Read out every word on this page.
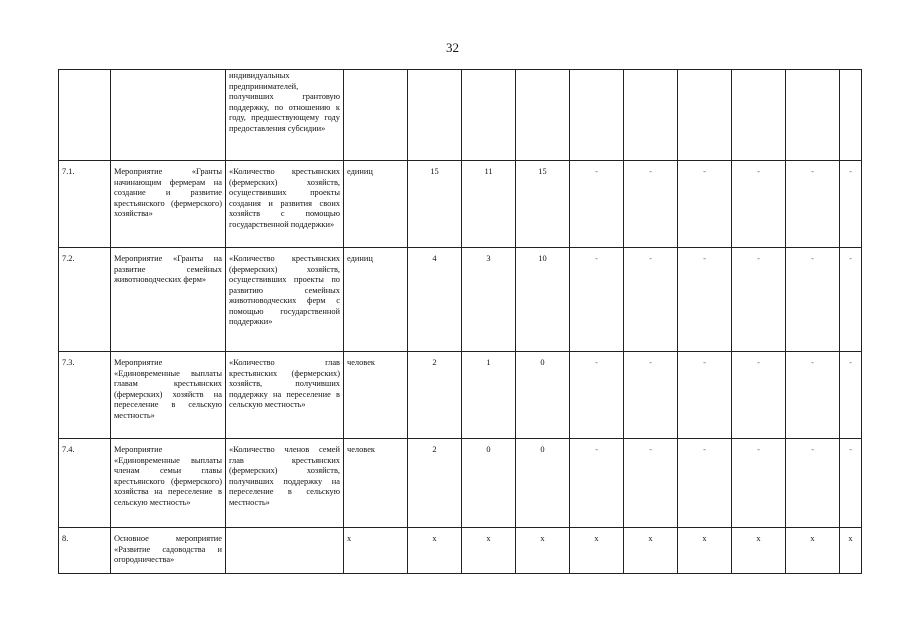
32
		индивидуальных предпринимателей, получивших грантовую поддержку, по отношению к году, предшествующему году предоставления субсидии»										
7.1.	Мероприятие «Гранты начинающим фермерам на создание и развитие крестьянского (фермерского) хозяйства»	«Количество крестьянских (фермерских) хозяйств, осуществивших проекты создания и развития своих хозяйств с помощью государственной поддержки»	единиц	15	11	15	-	-	-	-	-	-
7.2.	Мероприятие «Гранты на развитие семейных животноводческих ферм»	«Количество крестьянских (фермерских) хозяйств, осуществивших проекты по развитию семейных животноводческих ферм с помощью государственной поддержки»	единиц	4	3	10	-	-	-	-	-	-
7.3.	Мероприятие «Единовременные выплаты главам крестьянских (фермерских) хозяйств на переселение в сельскую местность»	«Количество глав крестьянских (фермерских) хозяйств, получивших поддержку на переселение в сельскую местность»	человек	2	1	0	-	-	-	-	-	-
7.4.	Мероприятие «Единовременные выплаты членам семьи главы крестьянского (фермерского) хозяйства на переселение в сельскую местность»	«Количество членов семей глав крестьянских (фермерских) хозяйств, получивших поддержку на переселение в сельскую местность»	человек	2	0	0	-	-	-	-	-	-
8.	Основное мероприятие «Развитие садоводства и огородничества»		x	x	x	x	x	x	x	x	x	x
